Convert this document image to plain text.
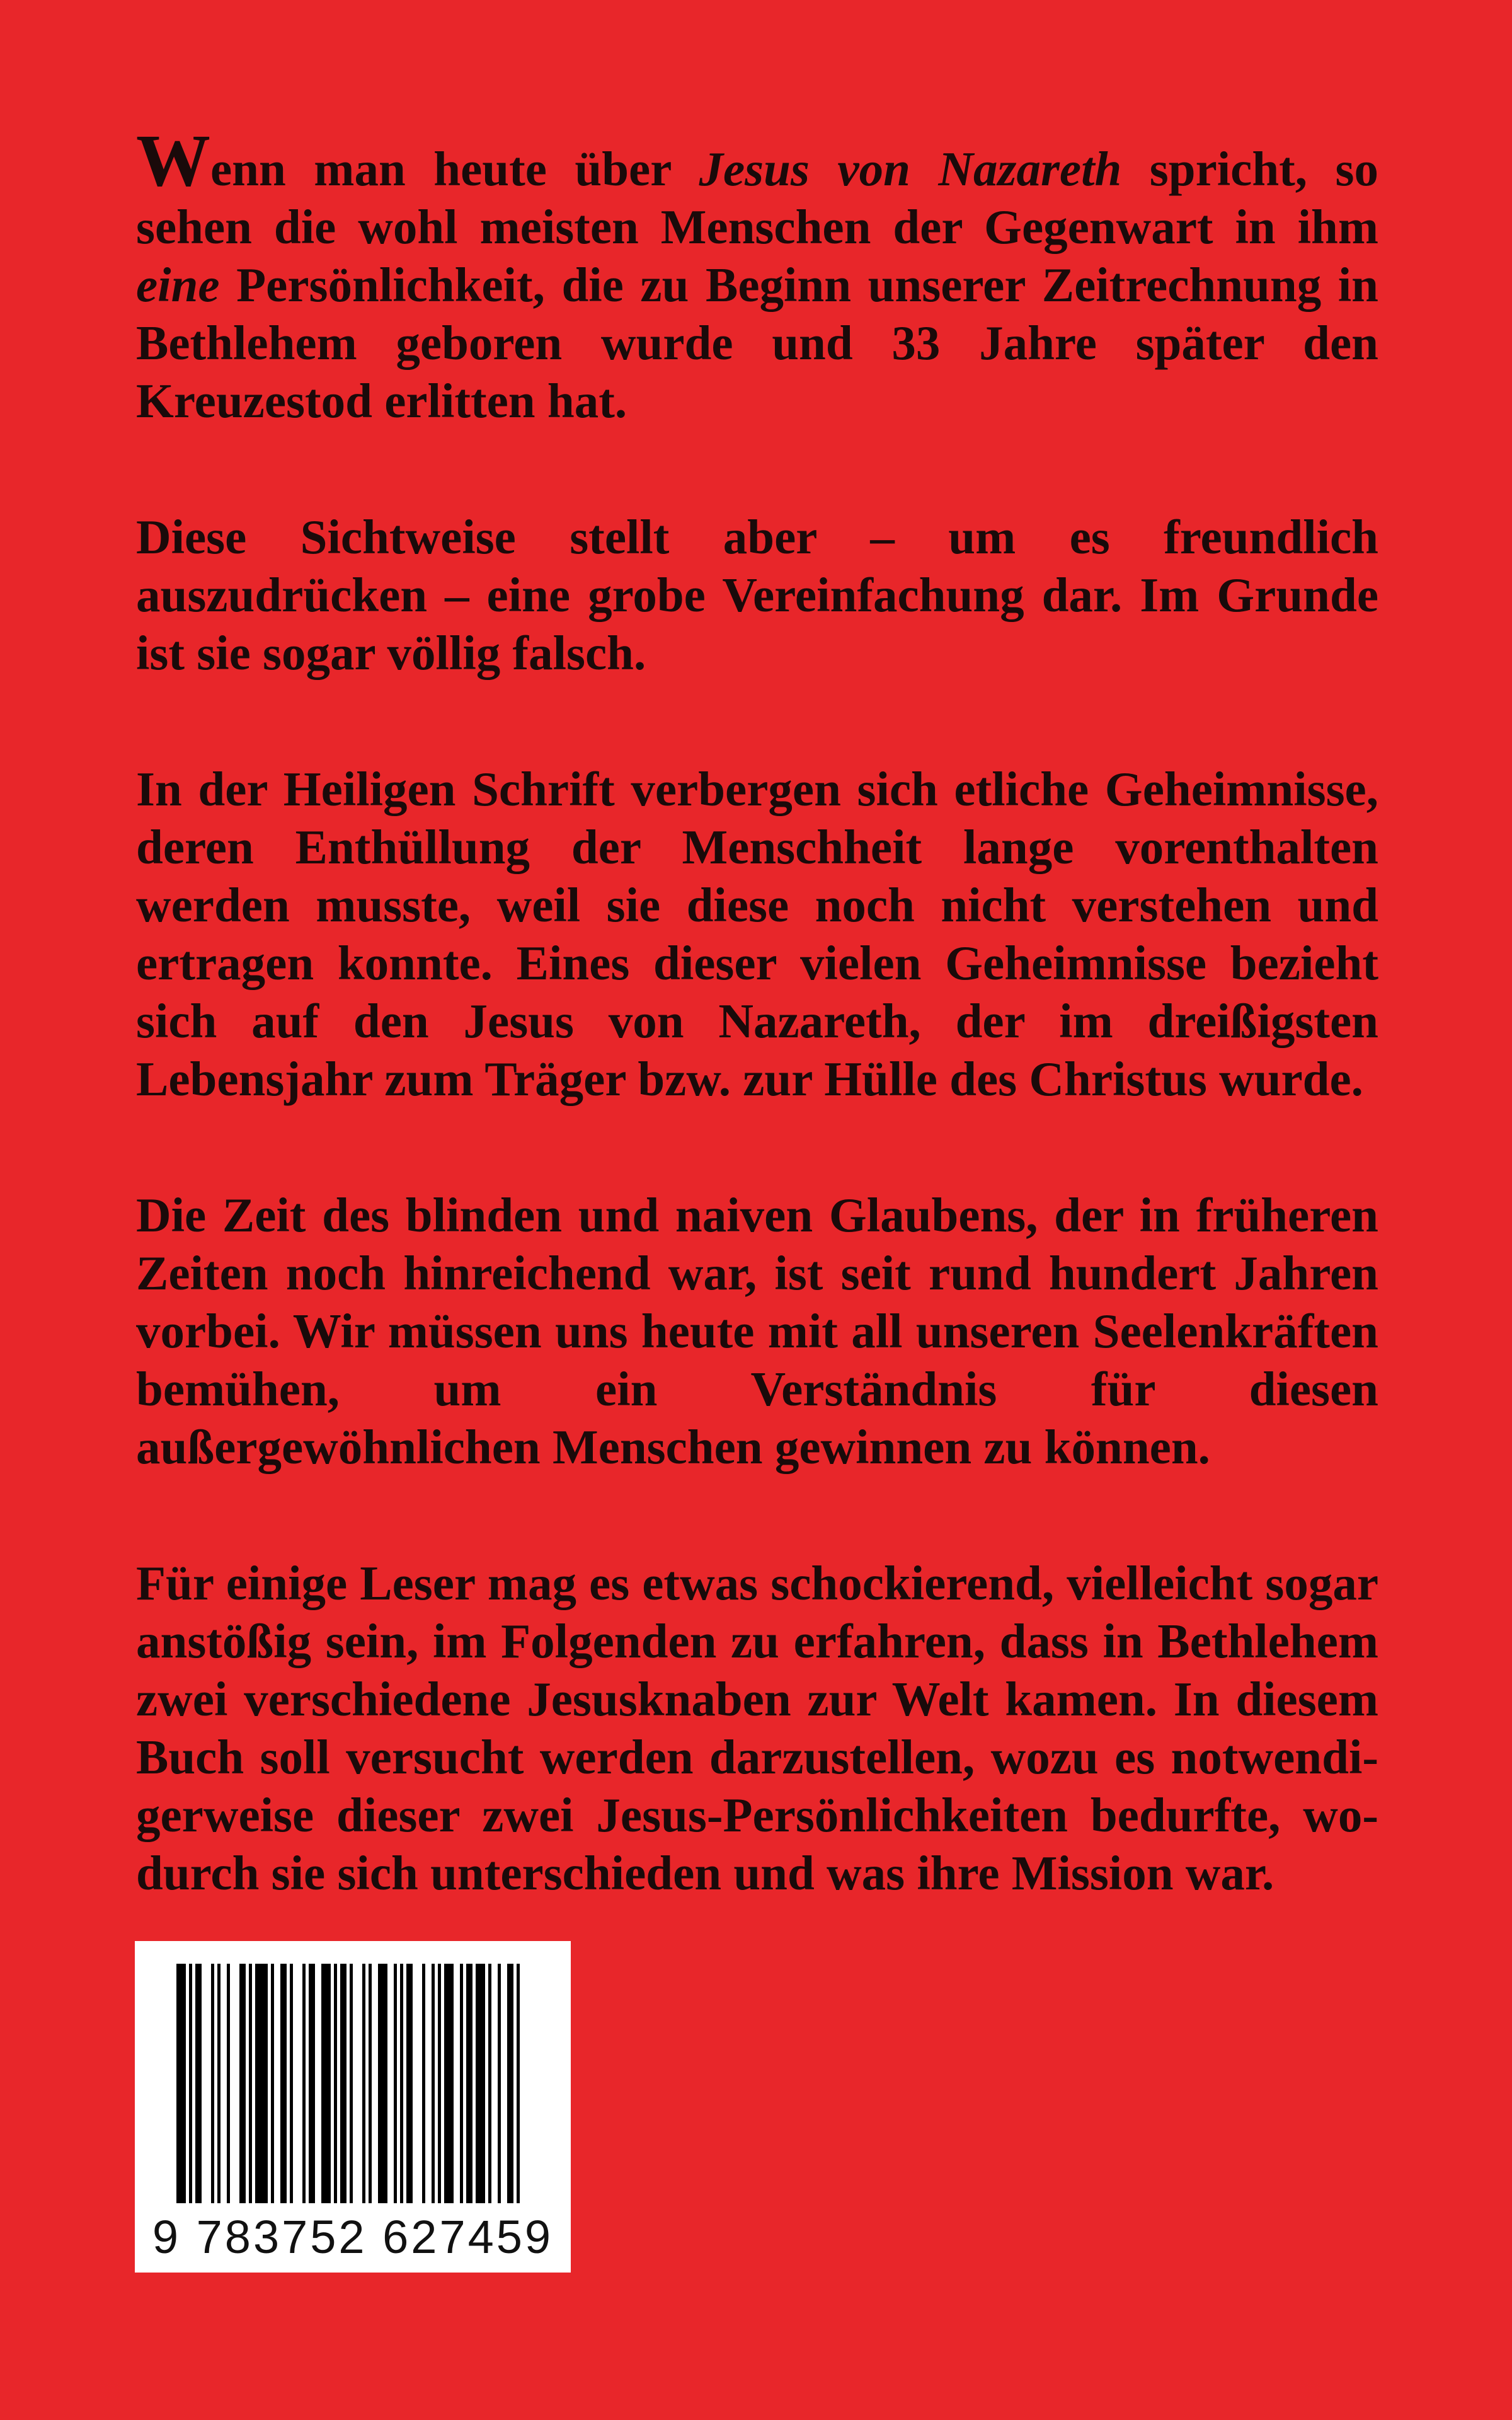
Wenn man heute über Jesus von Nazareth spricht, so sehen die wohl meisten Menschen der Gegenwart in ihm eine Persönlichkeit, die zu Beginn unserer Zeitrechnung in Bethlehem geboren wurde und 33 Jahre später den Kreuzestod erlitten hat.

Diese Sichtweise stellt aber – um es freundlich auszudrücken – eine grobe Vereinfachung dar. Im Grunde ist sie sogar völlig falsch.

In der Heiligen Schrift verbergen sich etliche Geheimnisse, deren Enthüllung der Menschheit lange vorenthalten werden musste, weil sie diese noch nicht verstehen und ertragen konnte. Eines dieser vielen Geheimnisse bezieht sich auf den Jesus von Nazareth, der im dreißigsten Lebensjahr zum Träger bzw. zur Hülle des Christus wurde.

Die Zeit des blinden und naiven Glaubens, der in früheren Zeiten noch hinreichend war, ist seit rund hundert Jahren vorbei. Wir müssen uns heute mit all unseren Seelenkräften bemühen, um ein Verständnis für diesen außergewöhnlichen Menschen gewinnen zu können.

Für einige Leser mag es etwas schockierend, vielleicht sogar anstößig sein, im Folgenden zu erfahren, dass in Bethlehem zwei verschiedene Jesusknaben zur Welt kamen. In diesem Buch soll versucht werden darzustellen, wozu es notwendigerweise dieser zwei Jesus-Persönlichkeiten bedurfte, wodurch sie sich unterschieden und was ihre Mission war.

9 783752 627459
